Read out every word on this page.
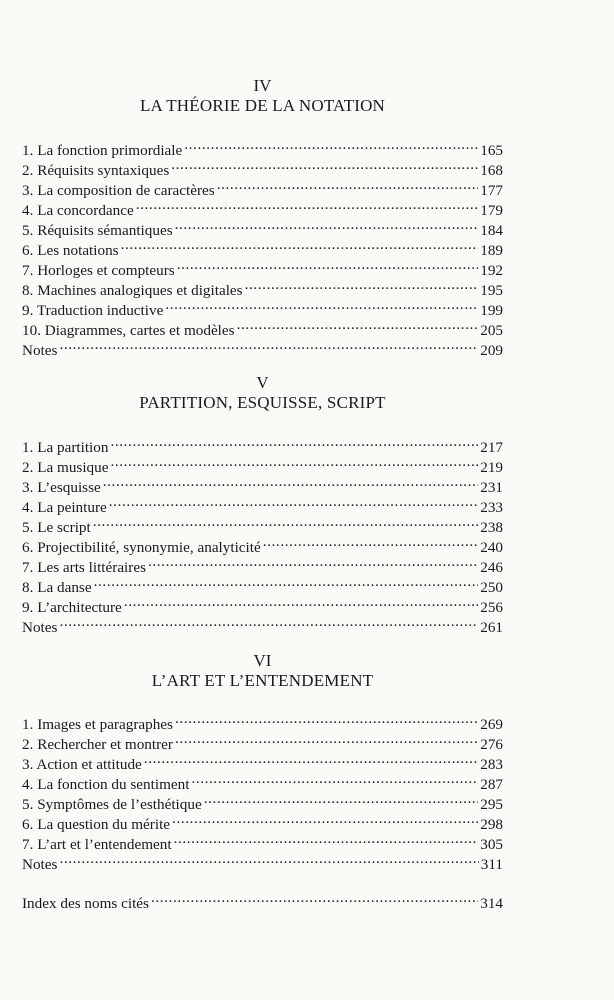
IV
LA THÉORIE DE LA NOTATION
1. La fonction primordiale .....	165
2. Réquisits syntaxiques .....	168
3. La composition de caractères .....	177
4. La concordance .....	179
5. Réquisits sémantiques .....	184
6. Les notations .....	189
7. Horloges et compteurs .....	192
8. Machines analogiques et digitales .....	195
9. Traduction inductive .....	199
10. Diagrammes, cartes et modèles .....	205
Notes .....	209
V
PARTITION, ESQUISSE, SCRIPT
1. La partition .....	217
2. La musique .....	219
3. L’esquisse .....	231
4. La peinture .....	233
5. Le script .....	238
6. Projectibilité, synonymie, analyticité .....	240
7. Les arts littéraires .....	246
8. La danse .....	250
9. L’architecture .....	256
Notes .....	261
VI
L’ART ET L’ENTENDEMENT
1. Images et paragraphes .....	269
2. Rechercher et montrer .....	276
3. Action et attitude .....	283
4. La fonction du sentiment .....	287
5. Symptômes de l’esthétique .....	295
6. La question du mérite .....	298
7. L’art et l’entendement .....	305
Notes .....	311
Index des noms cités .....	314
